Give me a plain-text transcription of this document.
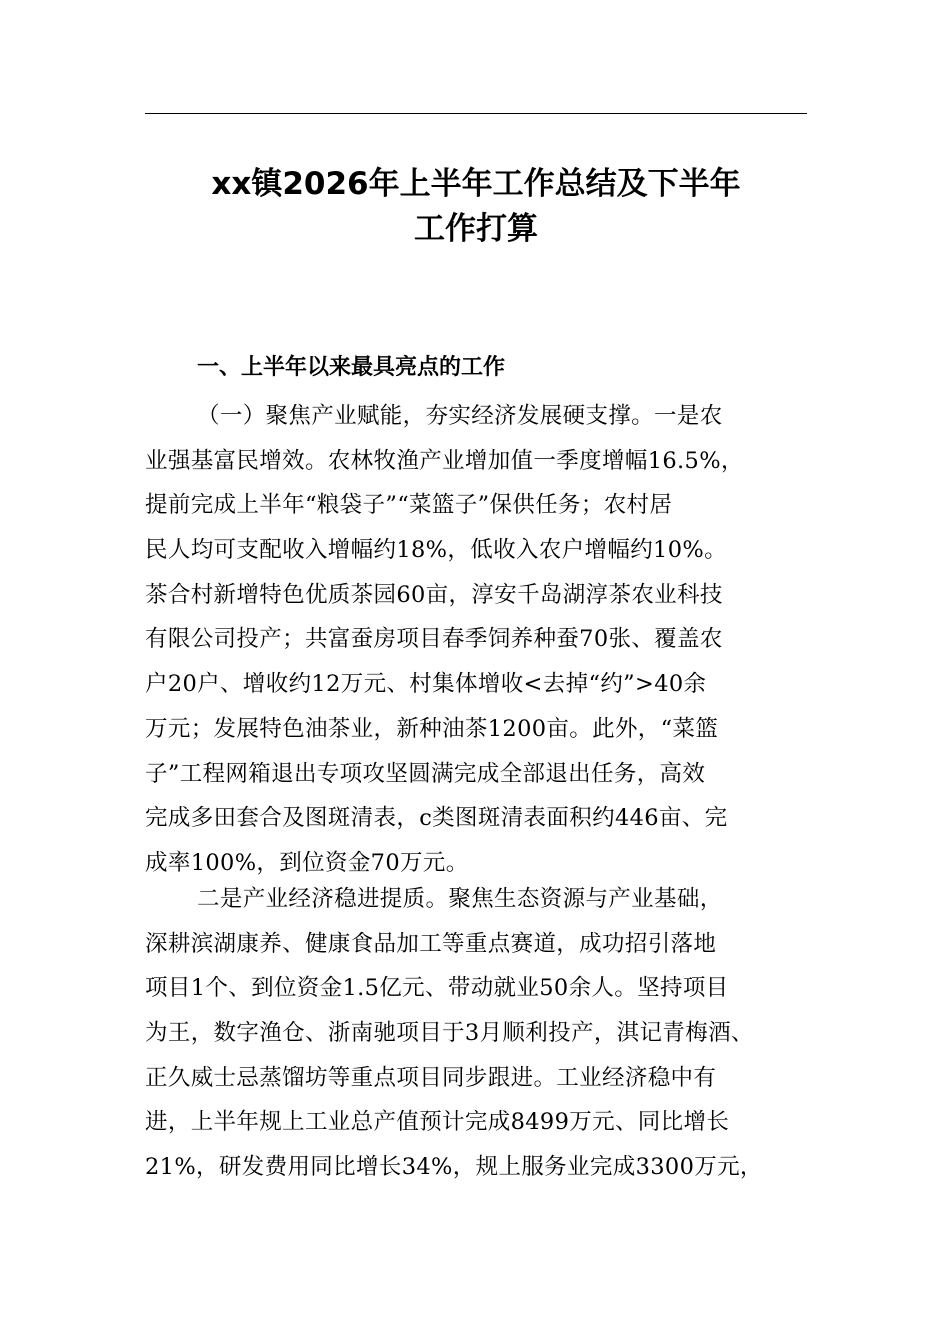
xx镇2026年上半年工作总结及下半年
工作打算
一、上半年以来最具亮点的工作
（一）聚焦产业赋能，夯实经济发展硬支撑。一是农
业强基富民增效。农林牧渔产业增加值一季度增幅16.5%，
提前完成上半年“粮袋子”“菜篮子”保供任务；农村居
民人均可支配收入增幅约18%，低收入农户增幅约10%。
茶合村新增特色优质茶园60亩，淳安千岛湖淳茶农业科技
有限公司投产；共富蚕房项目春季饲养种蚕70张、覆盖农
户20户、增收约12万元、村集体增收<去掉“约”>40余
万元；发展特色油茶业，新种油茶1200亩。此外，“菜篮
子”工程网箱退出专项攻坚圆满完成全部退出任务，高效
完成多田套合及图斑清表，c类图斑清表面积约446亩、完
成率100%，到位资金70万元。
二是产业经济稳进提质。聚焦生态资源与产业基础，
深耕滨湖康养、健康食品加工等重点赛道，成功招引落地
项目1个、到位资金1.5亿元、带动就业50余人。坚持项目
为王，数字渔仓、浙南驰项目于3月顺利投产，淇记青梅酒、
正久威士忌蒸馏坊等重点项目同步跟进。工业经济稳中有
进，上半年规上工业总产值预计完成8499万元、同比增长
21%，研发费用同比增长34%，规上服务业完成3300万元，
